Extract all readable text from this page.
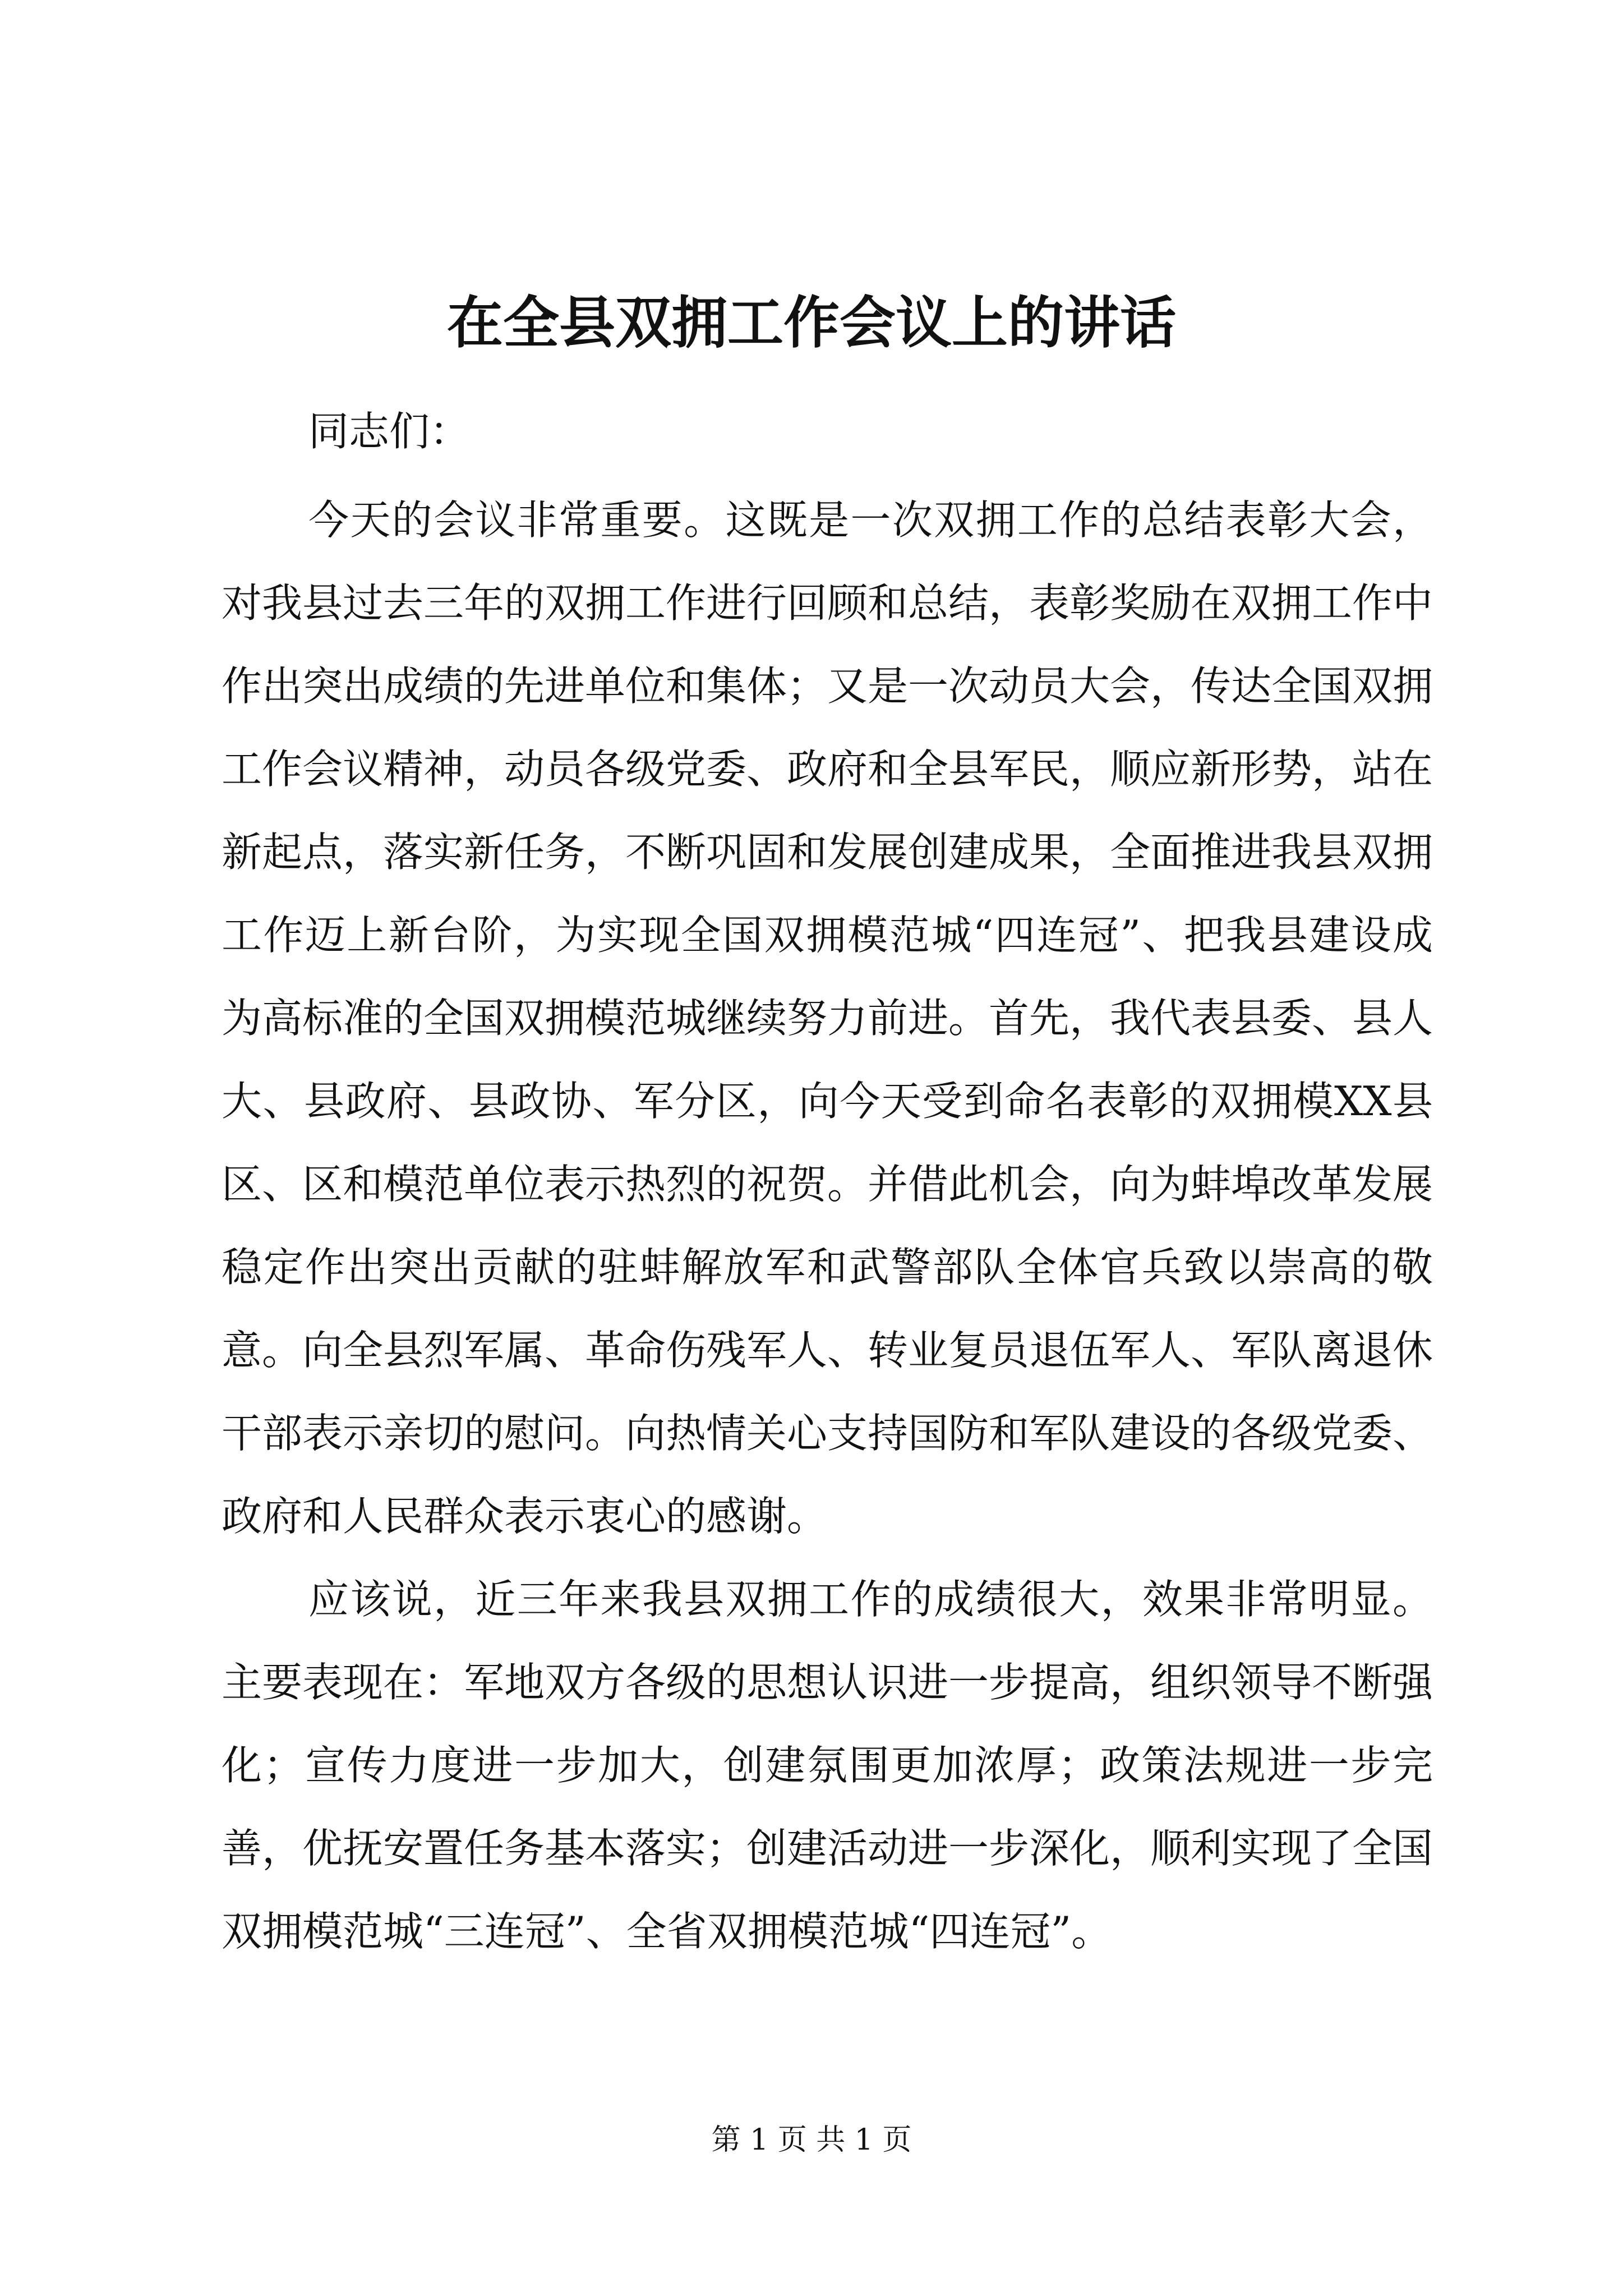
在全县双拥工作会议上的讲话

同志们：

今天的会议非常重要。这既是一次双拥工作的总结表彰大会，对我县过去三年的双拥工作进行回顾和总结，表彰奖励在双拥工作中作出突出成绩的先进单位和集体；又是一次动员大会，传达全国双拥工作会议精神，动员各级党委、政府和全县军民，顺应新形势，站在新起点，落实新任务，不断巩固和发展创建成果，全面推进我县双拥工作迈上新台阶，为实现全国双拥模范城“四连冠”、把我县建设成为高标准的全国双拥模范城继续努力前进。首先，我代表县委、县人大、县政府、县政协、军分区，向今天受到命名表彰的双拥模XX县区、区和模范单位表示热烈的祝贺。并借此机会，向为蚌埠改革发展稳定作出突出贡献的驻蚌解放军和武警部队全体官兵致以崇高的敬意。向全县烈军属、革命伤残军人、转业复员退伍军人、军队离退休干部表示亲切的慰问。向热情关心支持国防和军队建设的各级党委、政府和人民群众表示衷心的感谢。

应该说，近三年来我县双拥工作的成绩很大，效果非常明显。主要表现在：军地双方各级的思想认识进一步提高，组织领导不断强化；宣传力度进一步加大，创建氛围更加浓厚；政策法规进一步完善，优抚安置任务基本落实；创建活动进一步深化，顺利实现了全国双拥模范城“三连冠”、全省双拥模范城“四连冠”。

第 1 页 共 1 页
